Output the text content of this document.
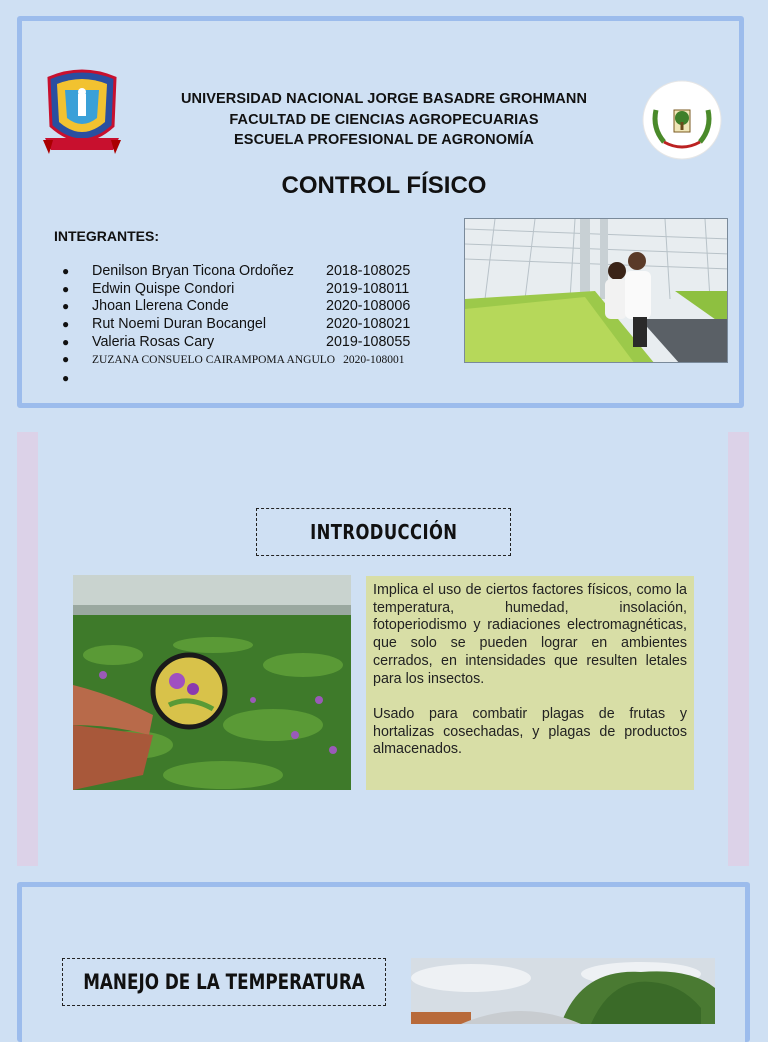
UNIVERSIDAD NACIONAL JORGE BASADRE GROHMANN
FACULTAD DE CIENCIAS AGROPECUARIAS
ESCUELA PROFESIONAL DE AGRONOMÍA
CONTROL FÍSICO
INTEGRANTES:
●	Denilson Bryan Ticona Ordoñez	2018-108025
●	Edwin Quispe Condori	2019-108011
●	Jhoan Llerena Conde	2020-108006
●	Rut Noemi Duran Bocangel	2020-108021
●	Valeria Rosas Cary	2019-108055
●	ZUZANA CONSUELO CAIRAMPOMA ANGULO 2020-108001
●
INTRODUCCIÓN

Implica el uso de ciertos factores físicos, como la temperatura, humedad, insolación, fotoperiodismo y radiaciones electromagnéticas, que solo se pueden lograr en ambientes cerrados, en intensidades que resulten letales para los insectos.

Usado para combatir plagas de frutas y hortalizas cosechadas, y plagas de productos almacenados.

MANEJO DE LA TEMPERATURA
